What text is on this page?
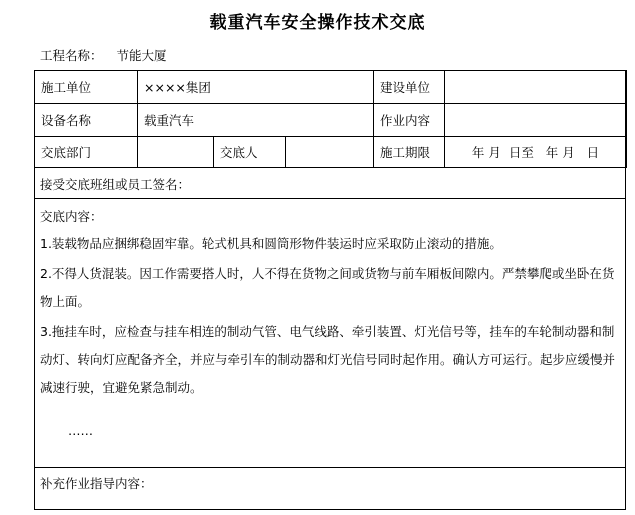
载重汽车安全操作技术交底
工程名称： 节能大厦
施工单位	××××集团			建设单位	
设备名称	载重汽车			作业内容	
交底部门		交底人		施工期限	年 月  日至   年 月   日
接受交底班组或员工签名：
交底内容：
1.装载物品应捆绑稳固牢靠。轮式机具和圆筒形物件装运时应采取防止滚动的措施。
2.不得人货混装。因工作需要搭人时，人不得在货物之间或货物与前车厢板间隙内。严禁攀爬或坐卧在货物上面。
3.拖挂车时，应检查与挂车相连的制动气管、电气线路、牵引装置、灯光信号等，挂车的车轮制动器和制动灯、转向灯应配备齐全，并应与牵引车的制动器和灯光信号同时起作用。确认方可运行。起步应缓慢并减速行驶，宜避免紧急制动。
……
补充作业指导内容：
